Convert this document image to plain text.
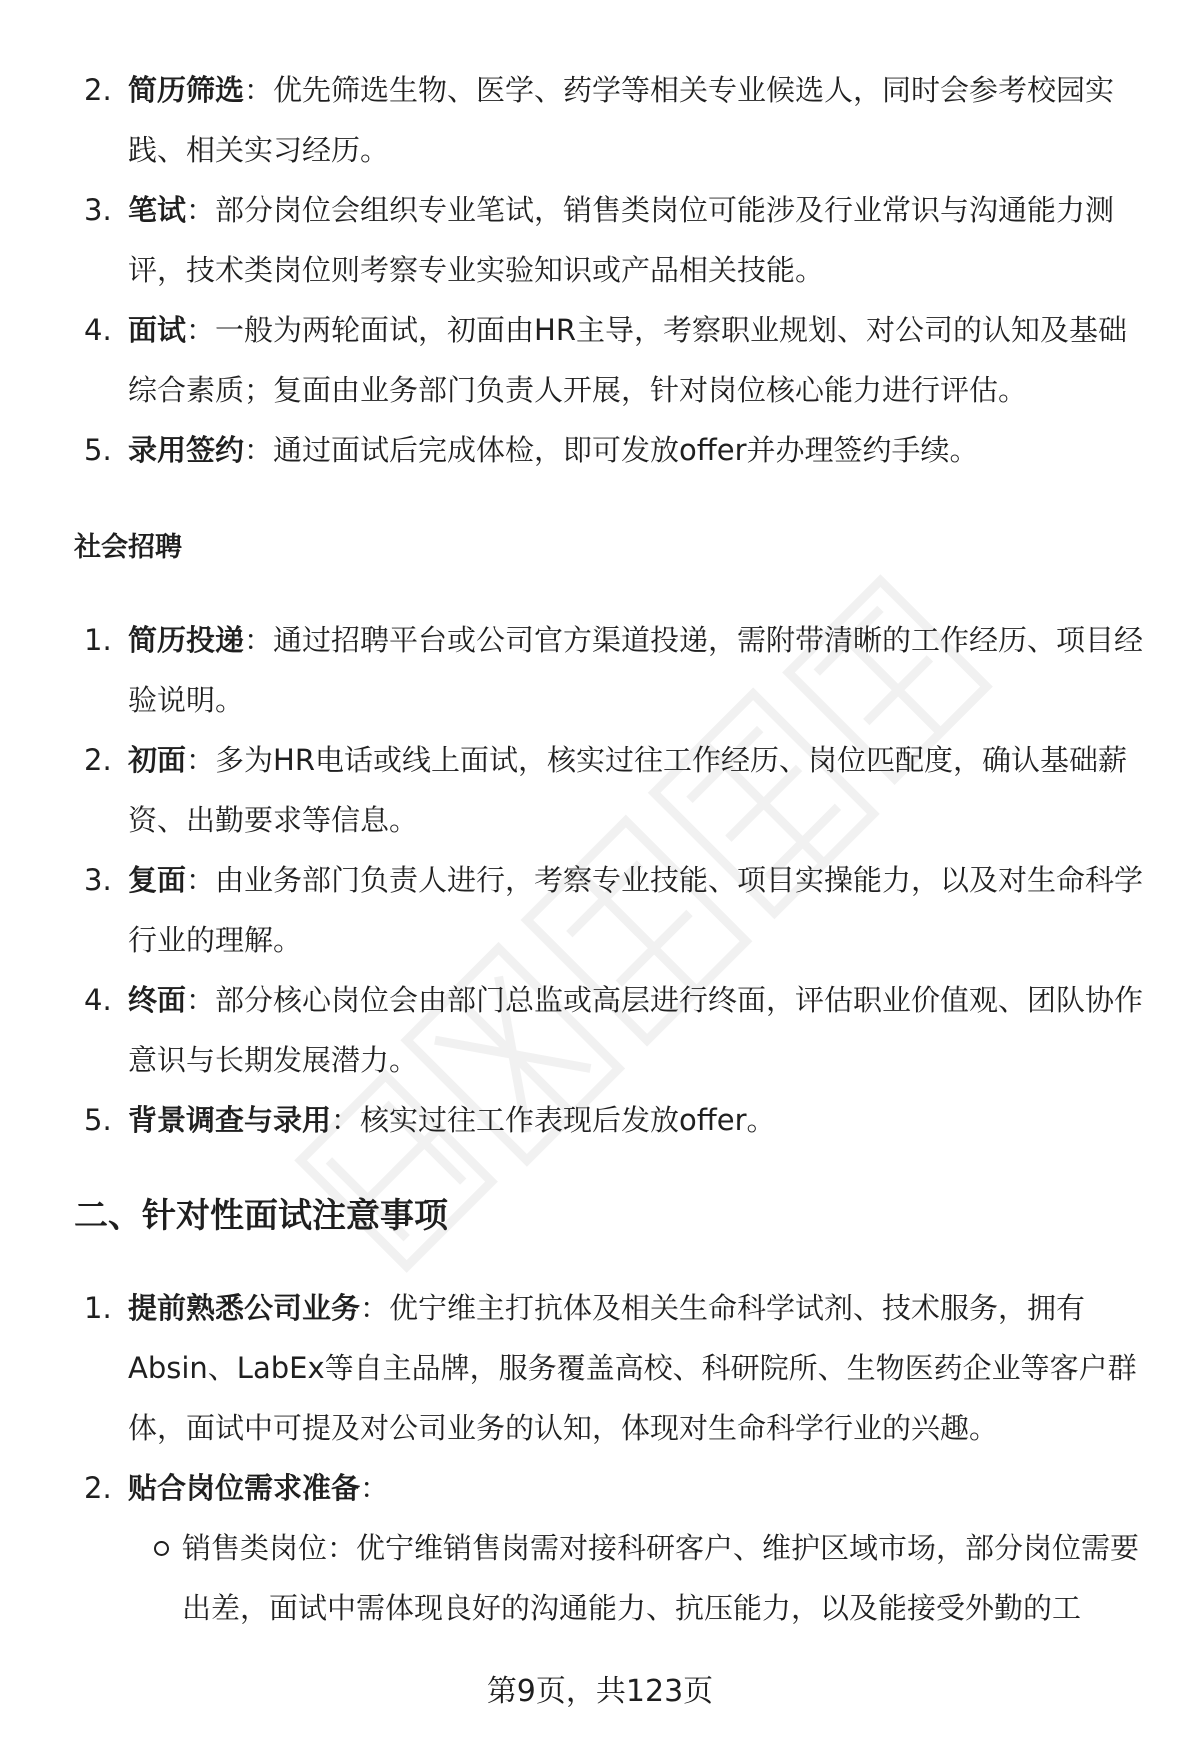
2. 简历筛选：优先筛选生物、医学、药学等相关专业候选人，同时会参考校园实践、相关实习经历。
3. 笔试：部分岗位会组织专业笔试，销售类岗位可能涉及行业常识与沟通能力测评，技术类岗位则考察专业实验知识或产品相关技能。
4. 面试：一般为两轮面试，初面由HR主导，考察职业规划、对公司的认知及基础综合素质；复面由业务部门负责人开展，针对岗位核心能力进行评估。
5. 录用签约：通过面试后完成体检，即可发放offer并办理签约手续。
社会招聘
1. 简历投递：通过招聘平台或公司官方渠道投递，需附带清晰的工作经历、项目经验说明。
2. 初面：多为HR电话或线上面试，核实过往工作经历、岗位匹配度，确认基础薪资、出勤要求等信息。
3. 复面：由业务部门负责人进行，考察专业技能、项目实操能力，以及对生命科学行业的理解。
4. 终面：部分核心岗位会由部门总监或高层进行终面，评估职业价值观、团队协作意识与长期发展潜力。
5. 背景调查与录用：核实过往工作表现后发放offer。
二、针对性面试注意事项
1. 提前熟悉公司业务：优宁维主打抗体及相关生命科学试剂、技术服务，拥有Absin、LabEx等自主品牌，服务覆盖高校、科研院所、生物医药企业等客户群体，面试中可提及对公司业务的认知，体现对生命科学行业的兴趣。
2. 贴合岗位需求准备：
销售类岗位：优宁维销售岗需对接科研客户、维护区域市场，部分岗位需要出差，面试中需体现良好的沟通能力、抗压能力，以及能接受外勤的工
第9页，共123页
